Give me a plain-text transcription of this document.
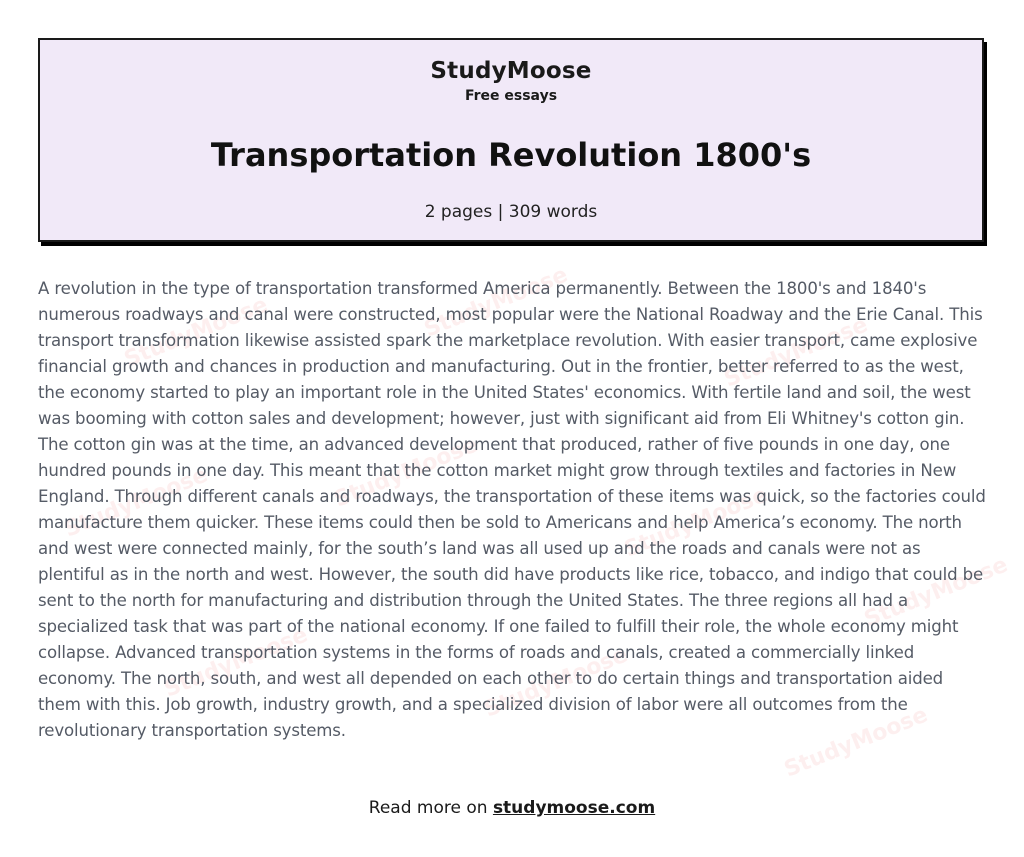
StudyMoose
Free essays
Transportation Revolution 1800's
2 pages | 309 words
StudyMoose	StudyMoose
StudyMoose
StudyMoose	StudyMoose
StudyMoose
StudyMoose
StudyMoose	StudyMoose
StudyMoose

A revolution in the type of transportation transformed America permanently. Between the 1800's and 1840's numerous roadways and canal were constructed, most popular were the National Roadway and the Erie Canal. This transport transformation likewise assisted spark the marketplace revolution. With easier transport, came explosive financial growth and chances in production and manufacturing. Out in the frontier, better referred to as the west, the economy started to play an important role in the United States' economics. With fertile land and soil, the west was booming with cotton sales and development; however, just with significant aid from Eli Whitney's cotton gin. The cotton gin was at the time, an advanced development that produced, rather of five pounds in one day, one hundred pounds in one day. This meant that the cotton market might grow through textiles and factories in New England. Through different canals and roadways, the transportation of these items was quick, so the factories could manufacture them quicker. These items could then be sold to Americans and help America’s economy. The north and west were connected mainly, for the south’s land was all used up and the roads and canals were not as plentiful as in the north and west. However, the south did have products like rice, tobacco, and indigo that could be sent to the north for manufacturing and distribution through the United States. The three regions all had a specialized task that was part of the national economy. If one failed to fulfill their role, the whole economy might collapse. Advanced transportation systems in the forms of roads and canals, created a commercially linked economy. The north, south, and west all depended on each other to do certain things and transportation aided them with this. Job growth, industry growth, and a specialized division of labor were all outcomes from the revolutionary transportation systems.

Read more on studymoose.com
